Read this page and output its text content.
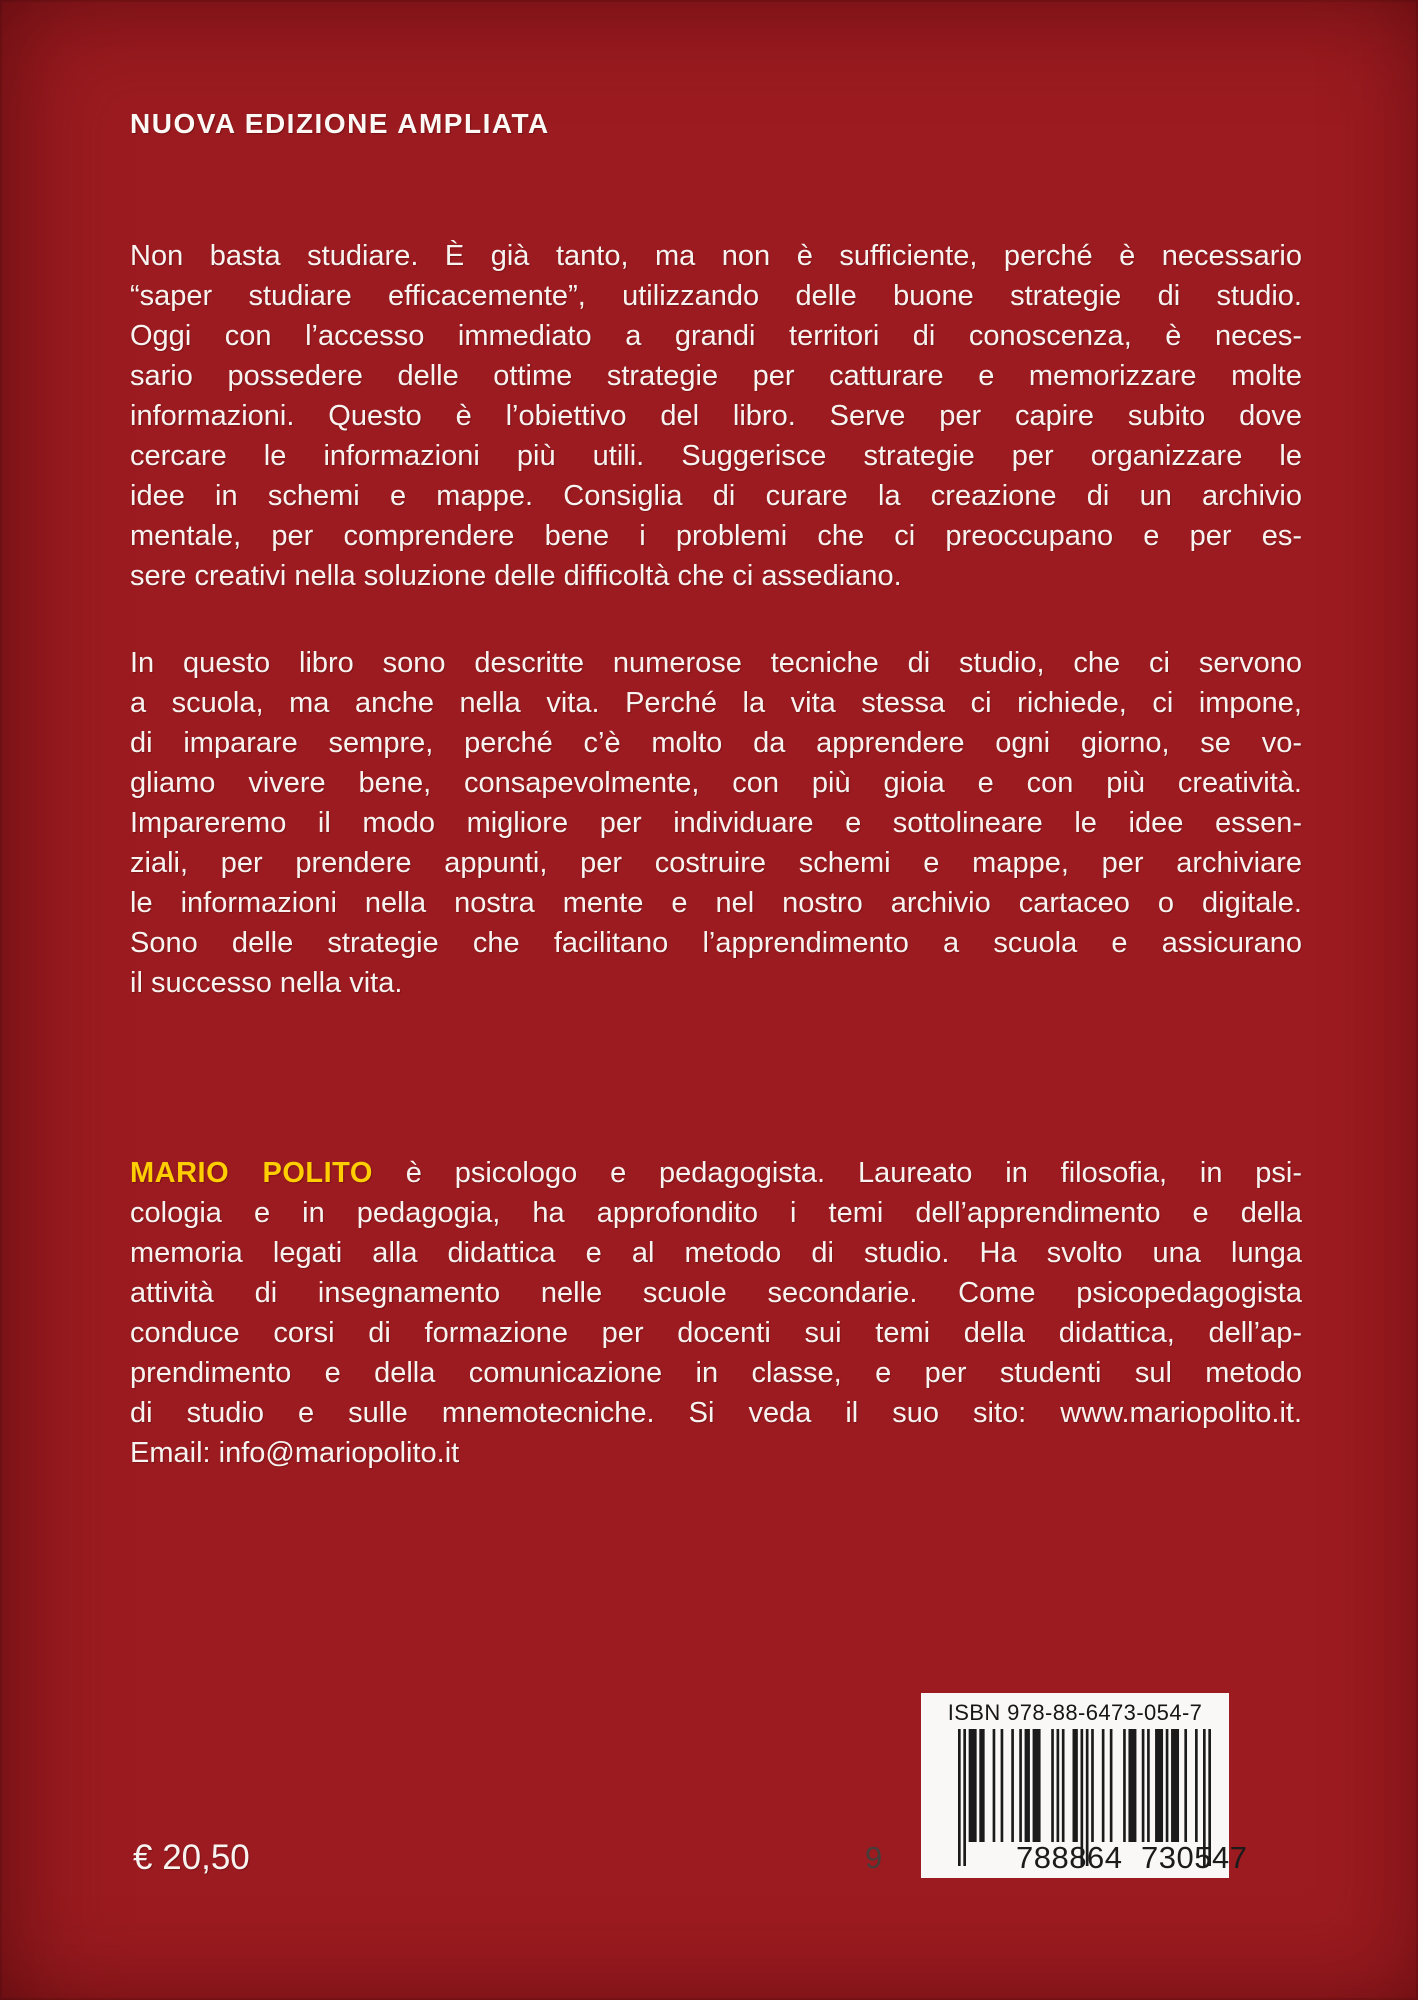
NUOVA EDIZIONE AMPLIATA
Non basta studiare. È già tanto, ma non è sufficiente, perché è necessario
“saper studiare efficacemente”, utilizzando delle buone strategie di studio.
Oggi con l’accesso immediato a grandi territori di conoscenza, è neces-
sario possedere delle ottime strategie per catturare e memorizzare molte
informazioni. Questo è l’obiettivo del libro. Serve per capire subito dove
cercare le informazioni più utili. Suggerisce strategie per organizzare le
idee in schemi e mappe. Consiglia di curare la creazione di un archivio
mentale, per comprendere bene i problemi che ci preoccupano e per es-
sere creativi nella soluzione delle difficoltà che ci assediano.
In questo libro sono descritte numerose tecniche di studio, che ci servono
a scuola, ma anche nella vita. Perché la vita stessa ci richiede, ci impone,
di imparare sempre, perché c’è molto da apprendere ogni giorno, se vo-
gliamo vivere bene, consapevolmente, con più gioia e con più creatività.
Impareremo il modo migliore per individuare e sottolineare le idee essen-
ziali, per prendere appunti, per costruire schemi e mappe, per archiviare
le informazioni nella nostra mente e nel nostro archivio cartaceo o digitale.
Sono delle strategie che facilitano l’apprendimento a scuola e assicurano
il successo nella vita.
MARIO POLITO è psicologo e pedagogista. Laureato in filosofia, in psi-
cologia e in pedagogia, ha approfondito i temi dell’apprendimento e della
memoria legati alla didattica e al metodo di studio. Ha svolto una lunga
attività di insegnamento nelle scuole secondarie. Come psicopedagogista
conduce corsi di formazione per docenti sui temi della didattica, dell’ap-
prendimento e della comunicazione in classe, e per studenti sul metodo
di studio e sulle mnemotecniche. Si veda il suo sito: www.mariopolito.it.
Email: info@mariopolito.it
€ 20,50
ISBN 978-88-6473-054-7
9	788864 730547
